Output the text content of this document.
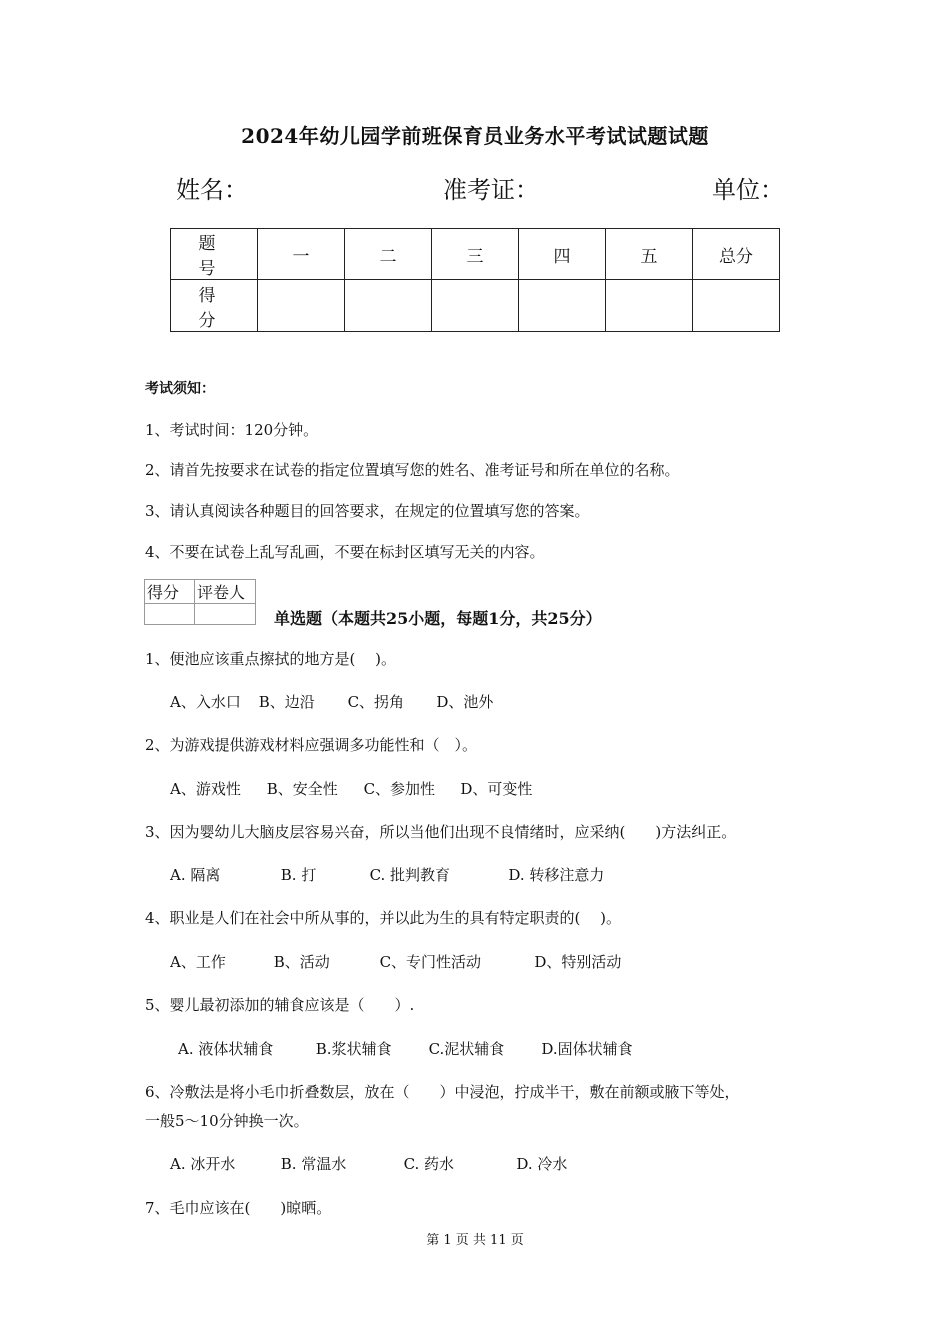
2024年幼儿园学前班保育员业务水平考试试题试题
姓名：	准考证：	单位：
题　号	一	二	三	四	五	总分
得　分						
考试须知：
1、考试时间：120分钟。
2、请首先按要求在试卷的指定位置填写您的姓名、准考证号和所在单位的名称。
3、请认真阅读各种题目的回答要求，在规定的位置填写您的答案。
4、不要在试卷上乱写乱画，不要在标封区填写无关的内容。
得分	评卷人

单选题（本题共25小题，每题1分，共25分）
1、便池应该重点擦拭的地方是(　 )。
A、入水口 B、边沿 C、拐角 D、池外
2、为游戏提供游戏材料应强调多功能性和（　）。
A、游戏性 B、安全性 C、参加性 D、可变性
3、因为婴幼儿大脑皮层容易兴奋，所以当他们出现不良情绪时，应采纳(　　)方法纠正。
A. 隔离	B. 打	C. 批判教育	D. 转移注意力
4、职业是人们在社会中所从事的，并以此为生的具有特定职责的(　 )。
A、工作	B、活动	C、专门性活动	D、特别活动
5、婴儿最初添加的辅食应该是（　　）.
A. 液体状辅食	B.浆状辅食 C.泥状辅食 D.固体状辅食
6、冷敷法是将小毛巾折叠数层，放在（　　）中浸泡，拧成半干，敷在前额或腋下等处，
一般5～10分钟换一次。
A. 冰开水	B. 常温水	C. 药水	D. 冷水
7、毛巾应该在(　　)晾晒。
第 1 页 共 11 页
